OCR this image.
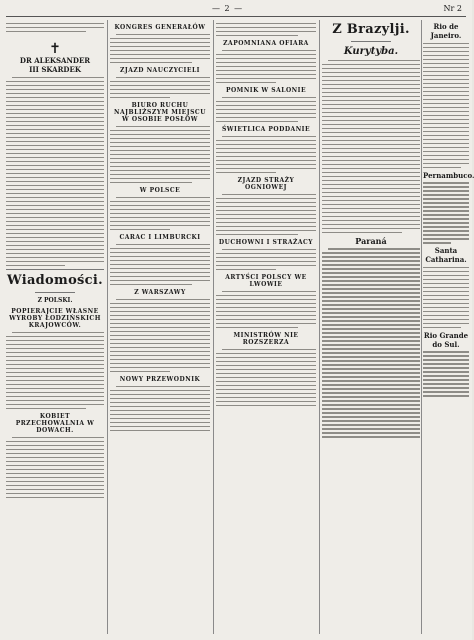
— 2 —	Nr 2
✝
DR ALEKSANDER
III SKARDEK
Wiadomości.
Z POLSKI.
POPIERAJCIE WŁASNE WYROBY ŁODZIŃSKICH KRAJOWCÓW.
KOBIET PRZECHOWALNIA W DOWACH.
KONGRES GENERAŁÓW
ZJAZD NAUCZYCIELI
BIURO RUCHU NAJBLIŻSZYM MIEJSCU W OSOBIE POSŁÓW
W POLSCE
CARAC I LIMBURCKI
Z WARSZAWY
NOWY PRZEWODNIK
ZAPOMNIANA OFIARA
POMNIK W SALONIE
ŚWIETLICA PODDANIE
ZJAZD STRAŻY OGNIOWEJ
DUCHOWNI I STRAŻACY
ARTYŚCI POLSCY WE LWOWIE
MINISTRÓW NIE ROZSZERZA
Z Brazylji.
Kurytyba.
Paraná
Rio de Janeiro.
Pernambuco.
Santa Catharina.
Rio Grande do Sul.
